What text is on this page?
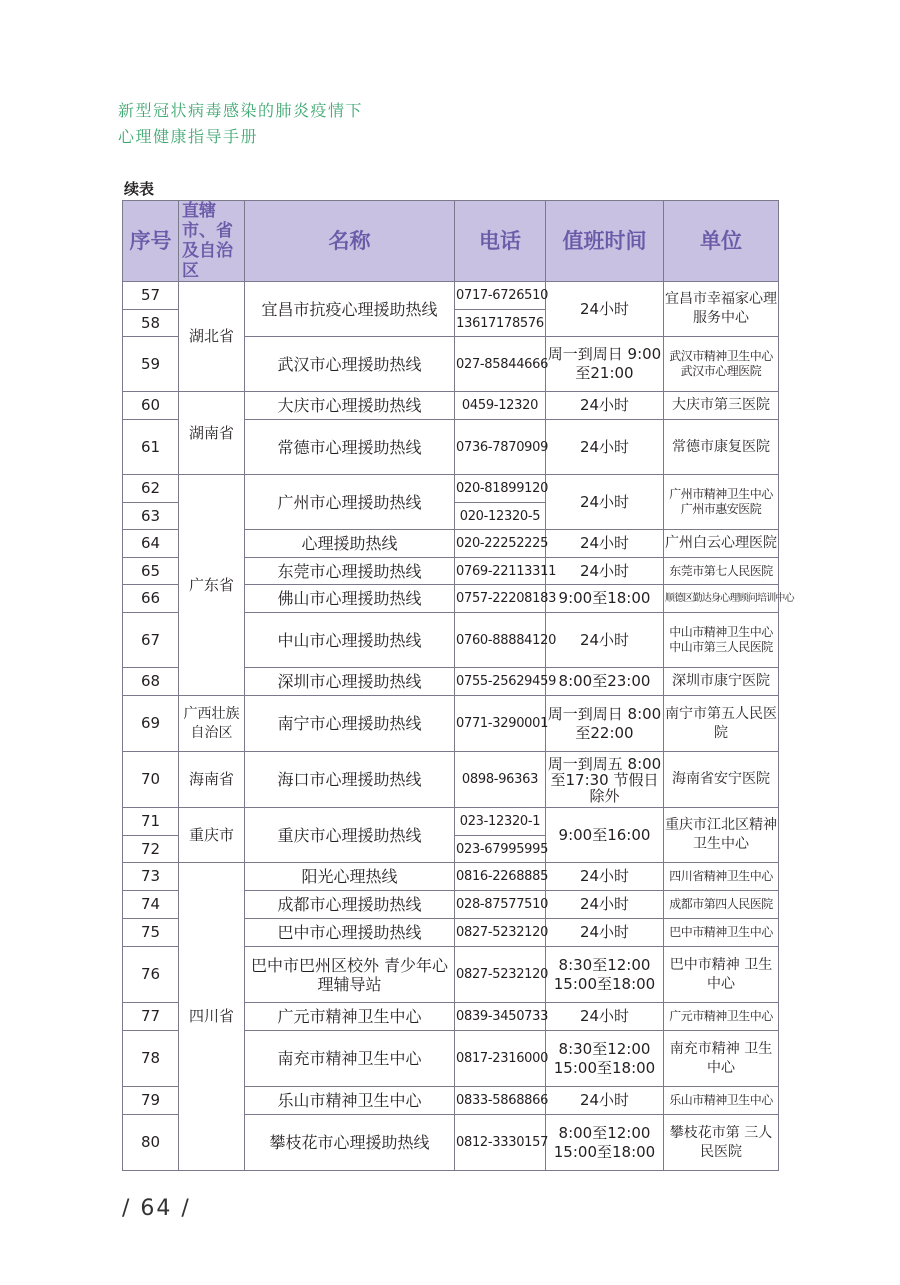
新型冠状病毒感染的肺炎疫情下
心理健康指导手册
续表
序号	直辖市、省及自治区	名称	电话	值班时间	单位
57	湖北省	宜昌市抗疫心理援助热线	0717-6726510	24小时	宜昌市幸福家心理服务中心
58			13617178576		
59		武汉市心理援助热线	027-85844666	周一到周日 9:00至21:00	武汉市精神卫生中心武汉市心理医院
60	湖南省	大庆市心理援助热线	0459-12320	24小时	大庆市第三医院
61		常德市心理援助热线	0736-7870909	24小时	常德市康复医院
62	广东省	广州市心理援助热线	020-81899120	24小时	广州市精神卫生中心 广州市惠安医院
63			020-12320-5		
64		心理援助热线	020-22252225	24小时	广州白云心理医院
65		东莞市心理援助热线	0769-22113311	24小时	东莞市第七人民医院
66		佛山市心理援助热线	0757-22208183	9:00至18:00	顺德区勤达身心理顾问培训中心
67		中山市心理援助热线	0760-88884120	24小时	中山市精神卫生中心 中山市第三人民医院
68		深圳市心理援助热线	0755-25629459	8:00至23:00	深圳市康宁医院
69	广西壮族自治区	南宁市心理援助热线	0771-3290001	周一到周日 8:00至22:00	南宁市第五人民医院
70	海南省	海口市心理援助热线	0898-96363	周一到周五 8:00至17:30 节假日除外	海南省安宁医院
71	重庆市	重庆市心理援助热线	023-12320-1	9:00至16:00	重庆市江北区精神卫生中心
72			023-67995995		
73	四川省	阳光心理热线	0816-2268885	24小时	四川省精神卫生中心
74		成都市心理援助热线	028-87577510	24小时	成都市第四人民医院
75		巴中市心理援助热线	0827-5232120	24小时	巴中市精神卫生中心
76		巴中市巴州区校外 青少年心理辅导站	0827-5232120	8:30至12:00 15:00至18:00	巴中市精神 卫生中心
77		广元市精神卫生中心	0839-3450733	24小时	广元市精神卫生中心
78		南充市精神卫生中心	0817-2316000	8:30至12:00 15:00至18:00	南充市精神 卫生中心
79		乐山市精神卫生中心	0833-5868866	24小时	乐山市精神卫生中心
80		攀枝花市心理援助热线	0812-3330157	8:00至12:00 15:00至18:00	攀枝花市第 三人民医院
/ 64 /
